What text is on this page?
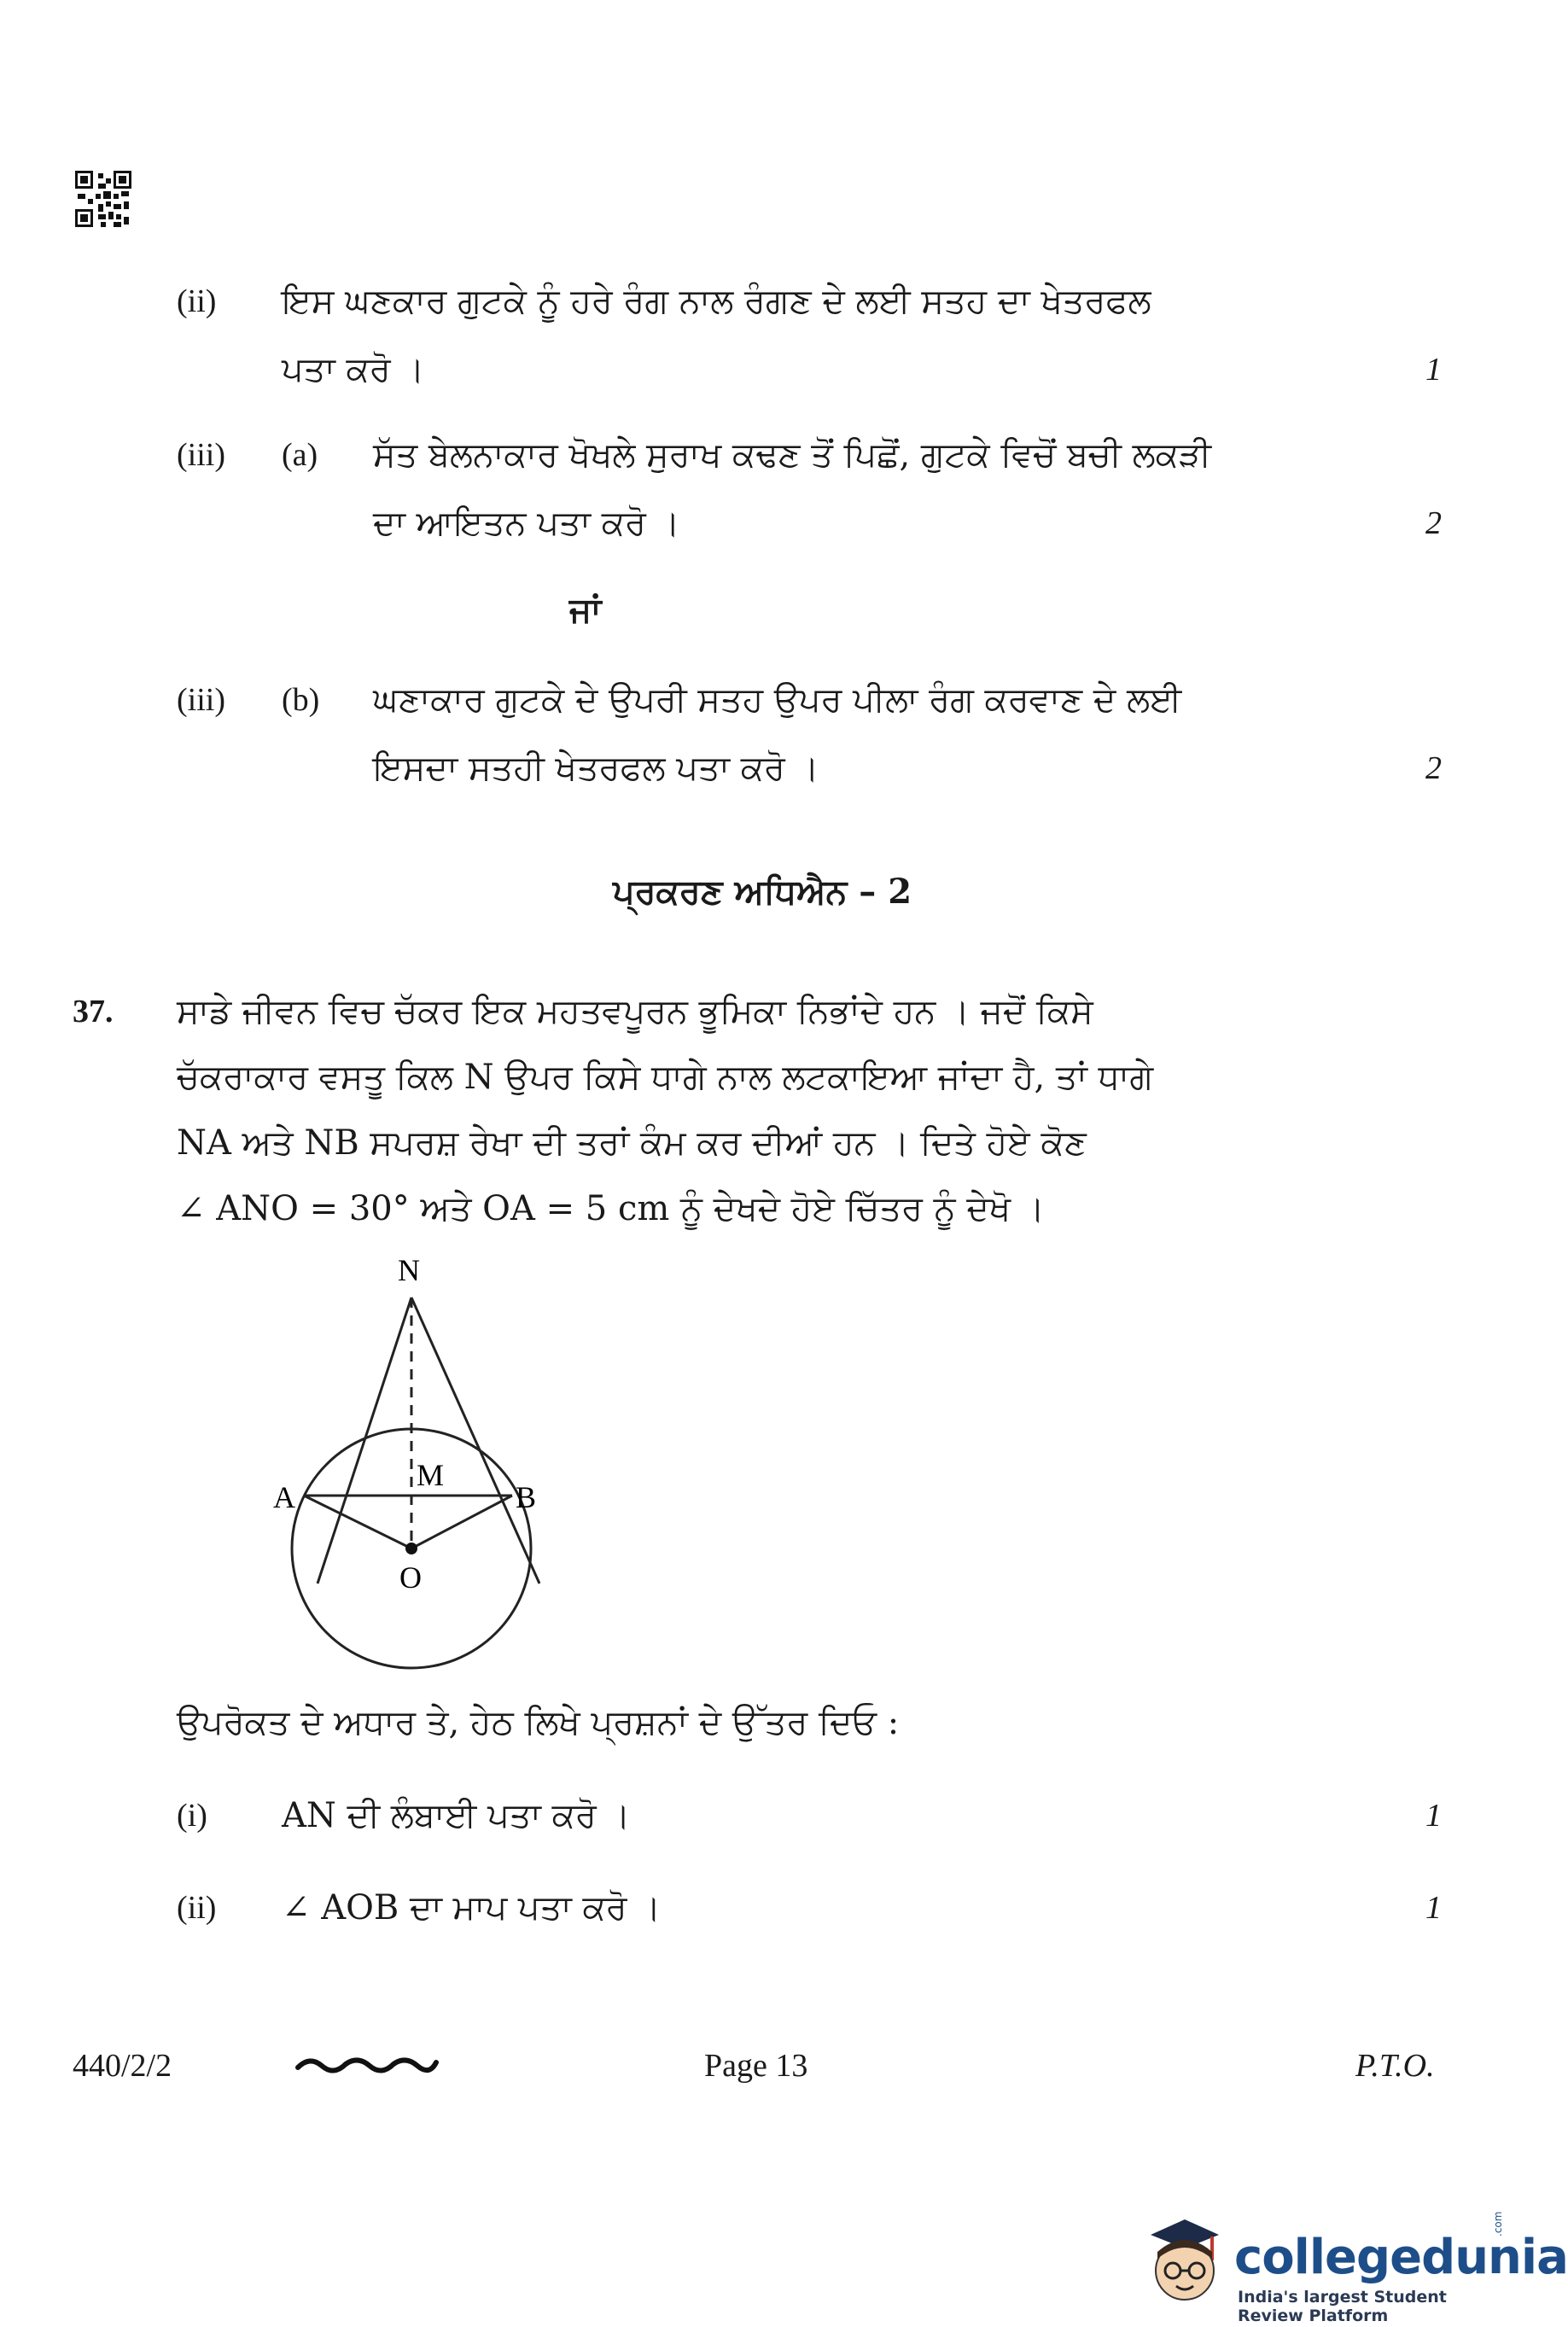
(ii) ਇਸ ਘਣਕਾਰ ਗੁਟਕੇ ਨੂੰ ਹਰੇ ਰੰਗ ਨਾਲ ਰੰਗਣ ਦੇ ਲਈ ਸਤਹ ਦਾ ਖੇਤਰਫਲ
ਪਤਾ ਕਰੋ ।	1
(iii) (a) ਸੱਤ ਬੇਲਨਾਕਾਰ ਖੋਖਲੇ ਸੁਰਾਖ ਕਢਣ ਤੋਂ ਪਿਛੋਂ, ਗੁਟਕੇ ਵਿਚੋਂ ਬਚੀ ਲਕੜੀ
ਦਾ ਆਇਤਨ ਪਤਾ ਕਰੋ ।	2
ਜਾਂ
(iii) (b) ਘਣਾਕਾਰ ਗੁਟਕੇ ਦੇ ਉਪਰੀ ਸਤਹ ਉਪਰ ਪੀਲਾ ਰੰਗ ਕਰਵਾਣ ਦੇ ਲਈ
ਇਸਦਾ ਸਤਹੀ ਖੇਤਰਫਲ ਪਤਾ ਕਰੋ ।	2
ਪ੍ਰਕਰਣ ਅਧਿਐਨ – 2
37. ਸਾਡੇ ਜੀਵਨ ਵਿਚ ਚੱਕਰ ਇਕ ਮਹਤਵਪੂਰਨ ਭੂਮਿਕਾ ਨਿਭਾਂਦੇ ਹਨ । ਜਦੋਂ ਕਿਸੇ
ਚੱਕਰਾਕਾਰ ਵਸਤੂ ਕਿਲ N ਉਪਰ ਕਿਸੇ ਧਾਗੇ ਨਾਲ ਲਟਕਾਇਆ ਜਾਂਦਾ ਹੈ, ਤਾਂ ਧਾਗੇ
NA ਅਤੇ NB ਸਪਰਸ਼ ਰੇਖਾ ਦੀ ਤਰਾਂ ਕੰਮ ਕਰ ਦੀਆਂ ਹਨ । ਦਿਤੇ ਹੋਏ ਕੋਣ
∠ ANO = 30° ਅਤੇ OA = 5 cm ਨੂੰ ਦੇਖਦੇ ਹੋਏ ਚਿੱਤਰ ਨੂੰ ਦੇਖੋ ।
N
A	B
M
O
ਉਪਰੋਕਤ ਦੇ ਅਧਾਰ ਤੇ, ਹੇਠ ਲਿਖੇ ਪ੍ਰਸ਼ਨਾਂ ਦੇ ਉੱਤਰ ਦਿਓ :
(i) AN ਦੀ ਲੰਬਾਈ ਪਤਾ ਕਰੋ ।	1
(ii) ∠ AOB ਦਾ ਮਾਪ ਪਤਾ ਕਰੋ ।	1
440/2/2	Page 13	P.T.O.
collegedunia
.com
India's largest Student Review Platform
